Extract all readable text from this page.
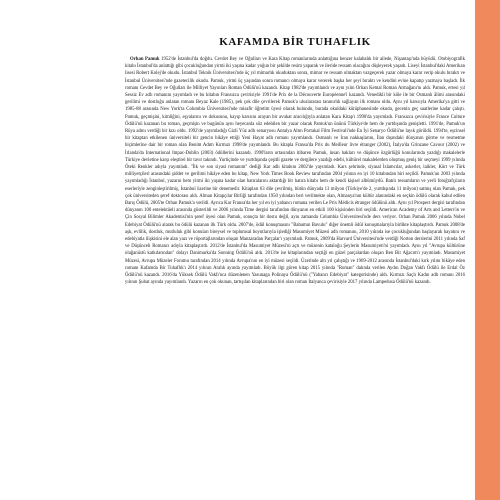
KAFAMDA BİR TUHAFLIK

Orhan Pamuk 1952'de İstanbul'da doğdu. Cevdet Bey ve Oğulları ve Kara Kitap romanlarında anlattığına benzer kalabalık bir ailede, Nişantaşı'nda büyüdü. Otobiyografik kitabı İstanbul'da anlattığı gibi çocukluğundan yirmi iki yaşına kadar yoğun bir şekilde resim yaparak ve ileride ressam olacağını düşleyerek yaşadı. Liseyi İstanbul'daki Amerikan lisesi Robert Kolej'de okudu. İstanbul Teknik Üniversitesi'nde üç yıl mimarlık okuduktan sonra, mimar ve ressam olmaktan vazgeçerek yazar olmaya karar verip okulu bıraktı ve İstanbul Üniversitesi'nde gazetecilik okudu. Pamuk, yirmi üç yaşından sonra romancı olmaya karar vererek başka her şeyi bıraktı ve kendini evine kapatıp yazmaya başladı. İlk romanı Cevdet Bey ve Oğulları ile Milliyet Yayınları Roman Ödülü'nü kazandı. Kitap 1982'de yayımlandı ve aynı yılın Orhan Kemal Roman Armağanı'nı aldı. Pamuk, ertesi yıl Sessiz Ev adlı romanını yayımladı ve bu kitabın Fransızca çevirisiyle 1991'de Prix de la Découverte Européenne'i kazandı. Venedikli bir köle ile bir Osmanlı âlimi arasındaki gerilimi ve dostluğu anlatan romanı Beyaz Kale (1985), pek çok dile çevrilerek Pamuk'a uluslararası tanınırlık sağlayan ilk romanı oldu. Aynı yıl karısıyla Amerika'ya gitti ve 1985-88 arasında New York'ta Columbia Üniversitesi'nde misafir öğretim üyesi olarak bulundu, burada okuldaki kütüphanesinde okudu, gecenin geç saatlerine kadar çalıştı. Pamuk, geçmişini, kimliğini, eşyalarını ve dokusunu, kayıp karısını arayan bir avukat aracılığıyla anlatan Kara Kitap'ı 1990'da yayımladı. Fransızca çevirisiyle France Culture Ödülü'nü kazanan bu roman, geçmişin ve bugünün aynı heyecanla söz edebilen bir yazar olarak Pamuk'un ününü Türkiye'de hem de yurtdışında genişletti. 1991'de, Pamuk'un Rüya adını verdiği bir kızı oldu. 1992'de yayımladığı Gizli Yüz adlı senaryosu Antalya Altın Portakal Film Festivali'nde En İyi Senaryo Ödülü'ne layık görüldü. 1994'te, eşcinsel bir kitaptan etkilenen üniversiteli bir gencin hikâye ettiği Yeni Hayat adlı romanı yayımlandı. Osmanlı ve İran nakkaşlarını, İlan dışındaki dünyanın görme ve resmetme biçimlerine dair bir roman olan Benim Adım Kırmızı 1998'de yayımlandı. Bu kitapla Fransa'da Prix du Meilleur livre étranger (2002), İtalya'da Grinzane Cavour (2002) ve İrlanda'da International Impac-Dublin (2003) ödüllerini kazandı. 1990'ların ortasından itibaren Pamuk, insan hakları ve düşünce özgürlüğü konularında yazdığı makalelerle Türkiye devletine karşı eleştirel bir tavır takındı. Yurtiçinde ve yurtdışında çeşitli gazete ve dergilere yazdığı edebi, kültürel makalelerden oluşmuş geniş bir seçmeyi 1999 yılında Öteki Renkler adıyla yayımladı. "İlk ve son siyasi romanım" dediği Kar adlı kitabını 2002'de yayımladı. Kars şehrinde, siyasal İslamcılar, askerler, laikler, Kürt ve Türk milliyetçileri arasındaki şiddet ve gerilimi hikâye eden bu kitap, New York Times Book Review tarafından 2004 yılının en iyi 10 kitabından biri seçildi. Pamuk'un 2003 yılında yayımladığı İstanbul, yazarın hem yirmi iki yaşına kadar olan hatıralarını aktardığı bir hatıra kitabı hem de kendi kişisel albümüydü. Batılı ressamların ve yerli fotoğrafçıların eserleriyle zenginleştirilmiş, İstanbul üzerine bir denemedir. Kitapları 63 dile çevrilmiş, bütün dünyada 13 milyon (Türkiye'de 2, yurtdışında 11 milyon) satmış olan Pamuk, pek çok üniversiteden şeref doktorası aldı. Alman Kitapçılar Birliği tarafından 1950 yılından beri verilmekte olan, Almanya'nın kültür alanındaki en seçkin ödülü olarak kabul edilen Barış Ödülü, 2005'te Orhan Pamuk'a verildi. Ayrıca Kar Fransa'da her yıl en iyi yabancı romana verilen Le Prix Médicis étranger ödülünü aldı. Aynı yıl Prospect dergisi tarafından dünyanın 100 entelektüeli arasında gösterildi ve 2006 yılında Time dergisi tarafından dünyanın en etkili 100 kişisinden biri seçildi. American Academy of Arts and Letters'in ve Çin Sosyal Bilimler Akademisi'nin şeref üyesi olan Pamuk, sonuçta bir dostu değil, aynı zamanda Columbia Üniversitesi'nde ders veriyor. Orhan Pamuk 2006 yılında Nobel Edebiyat Ödülü'nü alarak bu ödülü kazanan ilk Türk oldu. 2007'de, ödül konuşmasını "Babamın Bavulu" diğer önemli ödül konuşmalarıyla birlikte kitaplaştırdı. Pamuk 2008'de aşk, evlilik, dostluk, mutluluk gibi konuları bireysel ve toplumsal boyutlarıyla işlediği Masumiyet Müzesi adlı romanını, 2010 yılında ise çocukluğundan başlayarak hayatını ve edebiyatla ilişkisini ele alan yazı ve röportajlarından oluşan Manzaradan Parçalar'ı yayımladı. Pamuk, 2009'da Harvard Üniversitesi'nde verdiği Norton derslerini 2011 yılında Saf ve Düşünceli Romancı adıyla kitaplaştırdı. 2012'de İstanbul'da Masumiyet Müzesi'ni açtı ve müzenin kataloğu Şeylerin Masumiyeti'ni yayımladı. Aynı yıl "Avrupa kültürüne olağanüstü katkılarından" dolayı Danimarka'da Sonning Ödülü'nü aldı. 2013'te ise kitaplarından seçtiği en güzel parçalardan oluşan Ben Bir Ağacım'ı yayımladı. Masumiyet Müzesi, Avrupa Müzeler Forumu tarafından 2014 yılında Avrupa'nın en iyi müzesi seçildi. Üzerinde altı yıl çalıştığı ve 1969-2012 arasında İstanbul'daki kırk yılını hikâye eden romanı Kafamda Bir Tuhaflık'ı 2014 yılının Aralık ayında yayımladı. Böyük ilgi gören kitap 2015 yılında "Roman" dalında verilen Aydın Doğan Vakfı Ödülü ile Erdal Öz Ödülü'nü kazandı. 2016'da Yüksek Ödülü Vakfı'nca düzenlenen Yasunaga Polinaya Ödülü'nü ("Yabancı Edebiyat" kategorisinde) aldı. Kırmızı Saçlı Kadın adlı romanı 2016 yılının Şubat ayında yayımlandı. Yazarın en çok okunan, tartışılan kitaplarından biri olan roman İtalyanca çevirisiyle 2017 yılında Lampedusa Ödülü'nü kazandı.
